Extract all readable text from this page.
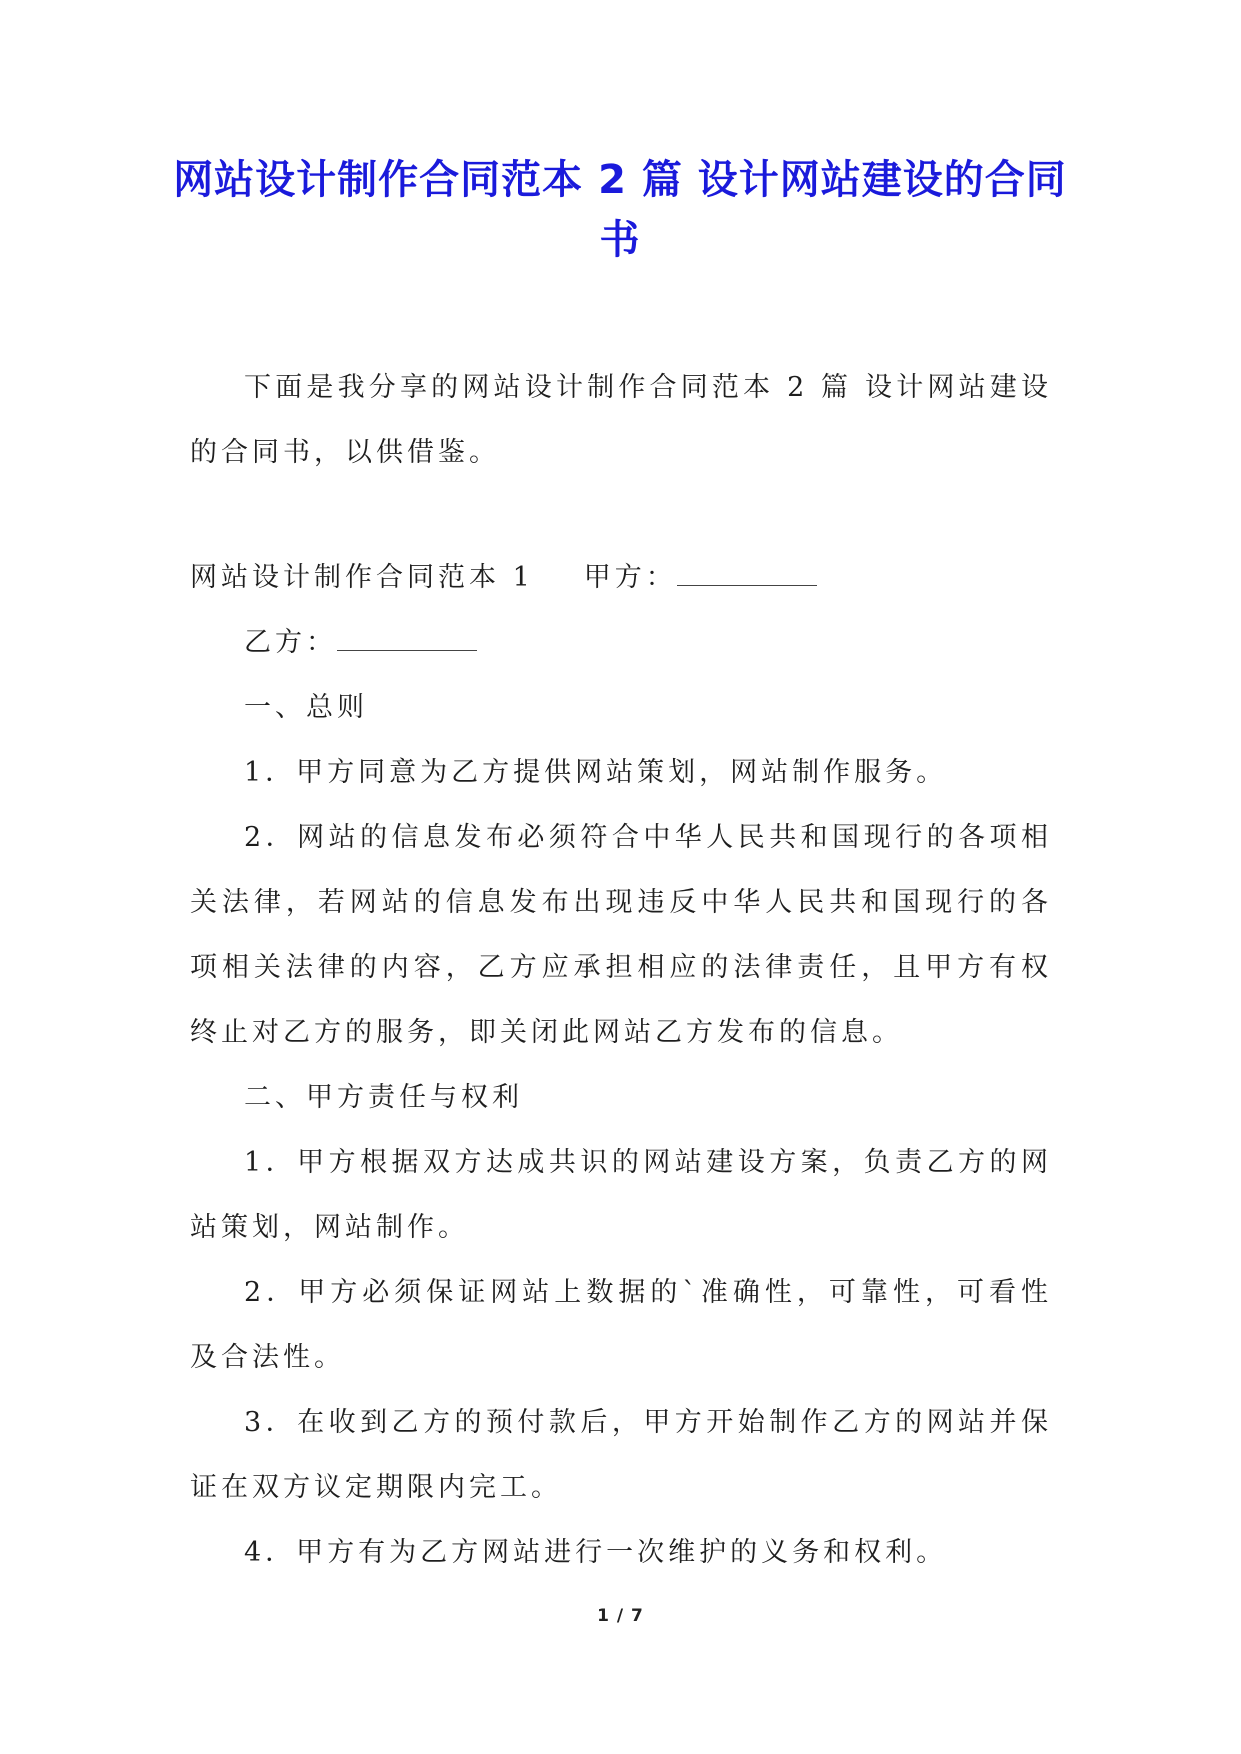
网站设计制作合同范本 2 篇 设计网站建设的合同书

下面是我分享的网站设计制作合同范本 2 篇 设计网站建设的合同书，以供借鉴。

网站设计制作合同范本 1 甲方：

乙方：

一、总则

1．甲方同意为乙方提供网站策划，网站制作服务。

2．网站的信息发布必须符合中华人民共和国现行的各项相关法律，若网站的信息发布出现违反中华人民共和国现行的各项相关法律的内容，乙方应承担相应的法律责任，且甲方有权终止对乙方的服务，即关闭此网站乙方发布的信息。

二、甲方责任与权利

1．甲方根据双方达成共识的网站建设方案，负责乙方的网站策划，网站制作。

2．甲方必须保证网站上数据的`准确性，可靠性，可看性及合法性。

3．在收到乙方的预付款后，甲方开始制作乙方的网站并保证在双方议定期限内完工。

4．甲方有为乙方网站进行一次维护的义务和权利。

1 / 7
